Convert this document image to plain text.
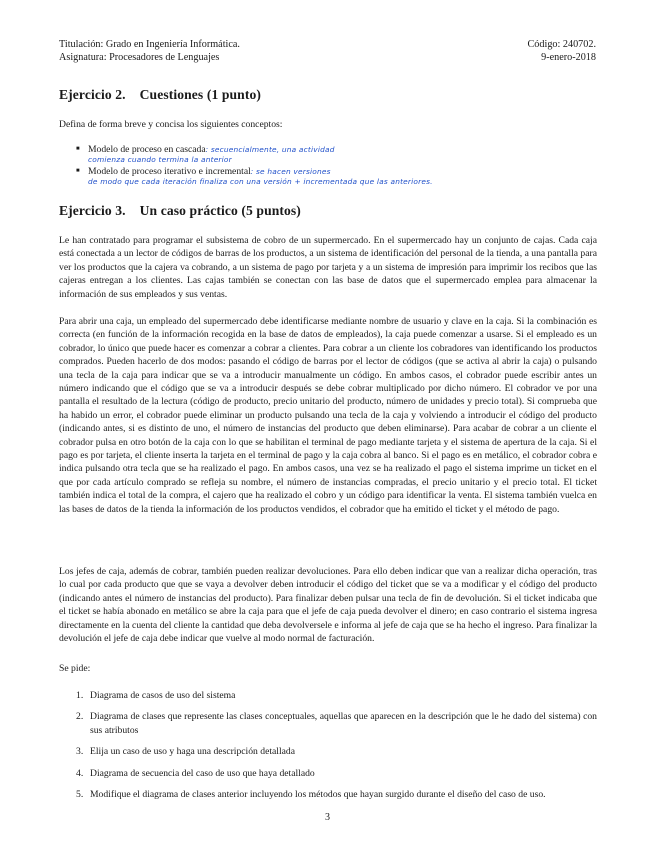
Titulación: Grado en Ingeniería Informática.	Código: 240702.
Asignatura: Procesadores de Lenguajes	9-enero-2018
Ejercicio 2. Cuestiones (1 punto)

Defina de forma breve y concisa los siguientes conceptos:

■ Modelo de proceso en cascada: secuencialmente, una actividad
comienza cuando termina la anterior
■ Modelo de proceso iterativo e incremental: se hacen versiones
de modo que cada iteración finaliza con una versión + incrementada que las anteriores.
Ejercicio 3. Un caso práctico (5 puntos)

Le han contratado para programar el subsistema de cobro de un supermercado. En el supermercado hay un conjunto de cajas. Cada caja está conectada a un lector de códigos de barras de los productos, a un sistema de identificación del personal de la tienda, a una pantalla para ver los productos que la cajera va cobrando, a un sistema de pago por tarjeta y a un sistema de impresión para imprimir los recibos que las cajeras entregan a los clientes. Las cajas también se conectan con las base de datos que el supermercado emplea para almacenar la información de sus empleados y sus ventas.

Para abrir una caja, un empleado del supermercado debe identificarse mediante nombre de usuario y clave en la caja. Si la combinación es correcta (en función de la información recogida en la base de datos de empleados), la caja puede comenzar a usarse. Si el empleado es un cobrador, lo único que puede hacer es comenzar a cobrar a clientes. Para cobrar a un cliente los cobradores van identificando los productos comprados. Pueden hacerlo de dos modos: pasando el código de barras por el lector de códigos (que se activa al abrir la caja) o pulsando una tecla de la caja para indicar que se va a introducir manualmente un código. En ambos casos, el cobrador puede escribir antes un número indicando que el código que se va a introducir después se debe cobrar multiplicado por dicho número. El cobrador ve por una pantalla el resultado de la lectura (código de producto, precio unitario del producto, número de unidades y precio total). Si comprueba que ha habido un error, el cobrador puede eliminar un producto pulsando una tecla de la caja y volviendo a introducir el código del producto (indicando antes, si es distinto de uno, el número de instancias del producto que deben eliminarse). Para acabar de cobrar a un cliente el cobrador pulsa en otro botón de la caja con lo que se habilitan el terminal de pago mediante tarjeta y el sistema de apertura de la caja. Si el pago es por tarjeta, el cliente inserta la tarjeta en el terminal de pago y la caja cobra al banco. Si el pago es en metálico, el cobrador cobra e indica pulsando otra tecla que se ha realizado el pago. En ambos casos, una vez se ha realizado el pago el sistema imprime un ticket en el que por cada artículo comprado se refleja su nombre, el número de instancias compradas, el precio unitario y el precio total. El ticket también indica el total de la compra, el cajero que ha realizado el cobro y un código para identificar la venta. El sistema también vuelca en las bases de datos de la tienda la información de los productos vendidos, el cobrador que ha emitido el ticket y el método de pago.

Los jefes de caja, además de cobrar, también pueden realizar devoluciones. Para ello deben indicar que van a realizar dicha operación, tras lo cual por cada producto que que se vaya a devolver deben introducir el código del ticket que se va a modificar y el código del producto (indicando antes el número de instancias del producto). Para finalizar deben pulsar una tecla de fin de devolución. Si el ticket indicaba que el ticket se había abonado en metálico se abre la caja para que el jefe de caja pueda devolver el dinero; en caso contrario el sistema ingresa directamente en la cuenta del cliente la cantidad que deba devolversele e informa al jefe de caja que se ha hecho el ingreso. Para finalizar la devolución el jefe de caja debe indicar que vuelve al modo normal de facturación.

Se pide:

1. Diagrama de casos de uso del sistema
2. Diagrama de clases que represente las clases conceptuales, aquellas que aparecen en la descripción que le he dado del sistema) con sus atributos
3. Elija un caso de uso y haga una descripción detallada
4. Diagrama de secuencia del caso de uso que haya detallado
5. Modifique el diagrama de clases anterior incluyendo los métodos que hayan surgido durante el diseño del caso de uso.
3
